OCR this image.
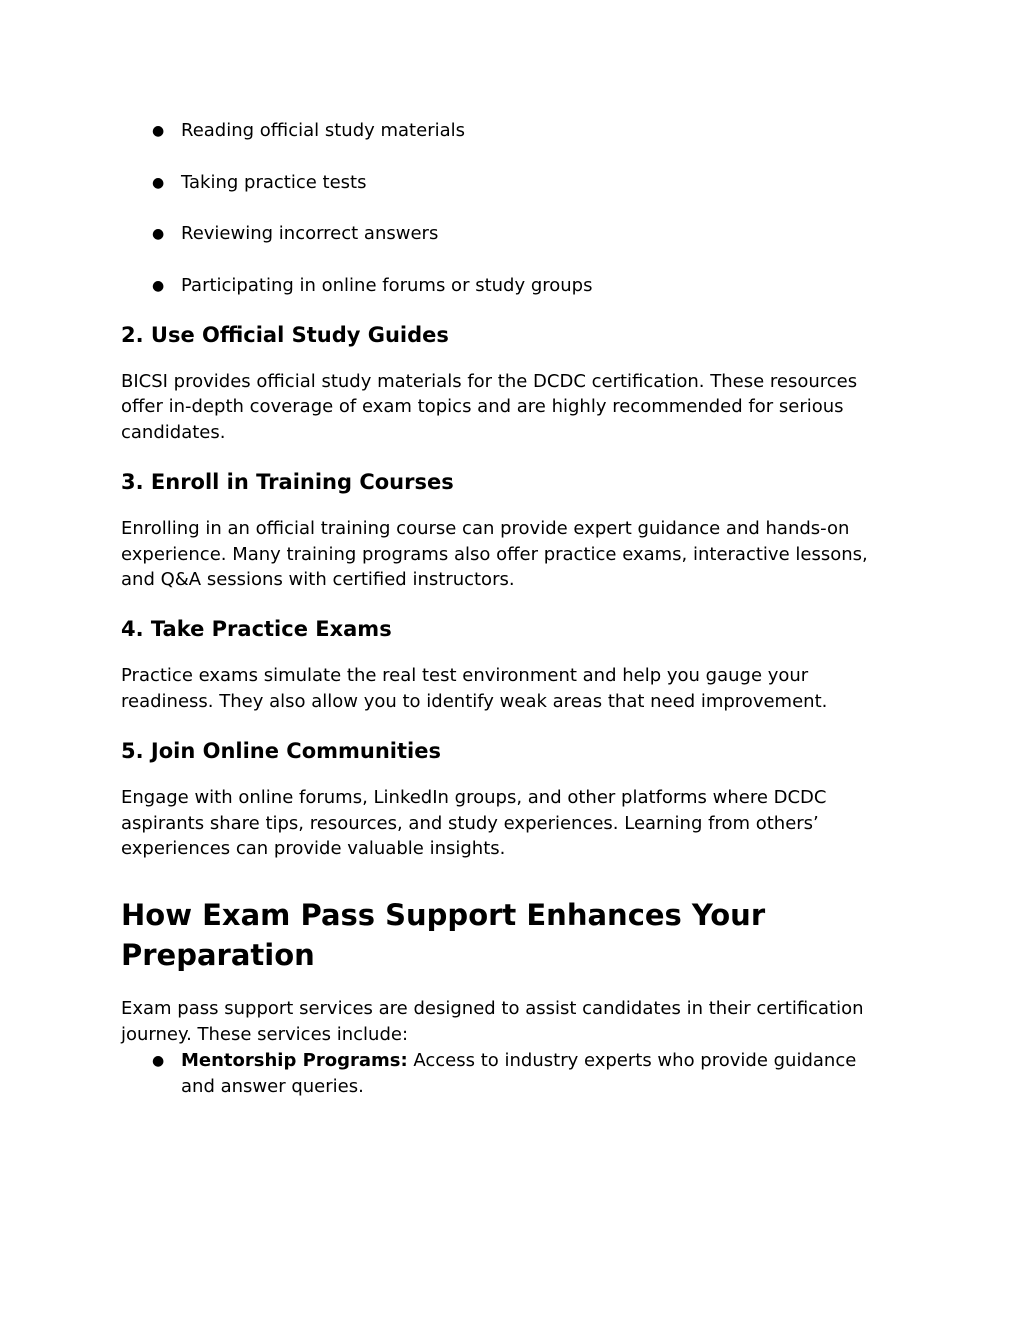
● Reading official study materials
● Taking practice tests
● Reviewing incorrect answers
● Participating in online forums or study groups
2. Use Official Study Guides

BICSI provides official study materials for the DCDC certification. These resources offer in-depth coverage of exam topics and are highly recommended for serious candidates.

3. Enroll in Training Courses

Enrolling in an official training course can provide expert guidance and hands-on experience. Many training programs also offer practice exams, interactive lessons, and Q&A sessions with certified instructors.

4. Take Practice Exams

Practice exams simulate the real test environment and help you gauge your readiness. They also allow you to identify weak areas that need improvement.

5. Join Online Communities

Engage with online forums, LinkedIn groups, and other platforms where DCDC aspirants share tips, resources, and study experiences. Learning from others’ experiences can provide valuable insights.

How Exam Pass Support Enhances Your Preparation

Exam pass support services are designed to assist candidates in their certification journey. These services include:

● Mentorship Programs: Access to industry experts who provide guidance and answer queries.
